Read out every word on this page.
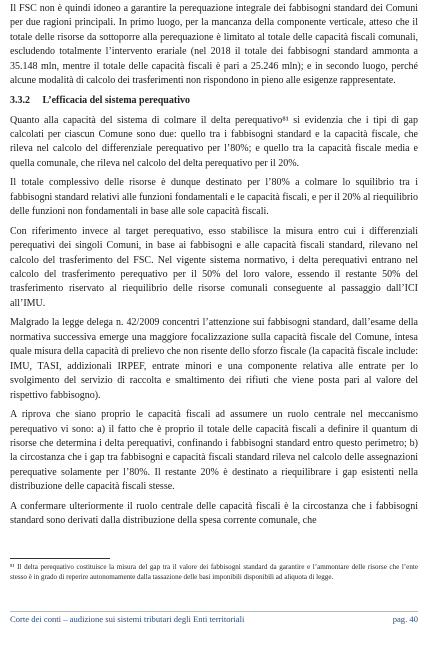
Il FSC non è quindi idoneo a garantire la perequazione integrale dei fabbisogni standard dei Comuni per due ragioni principali. In primo luogo, per la mancanza della componente verticale, atteso che il totale delle risorse da sottoporre alla perequazione è limitato al totale delle capacità fiscali comunali, escludendo totalmente l’intervento erariale (nel 2018 il totale dei fabbisogni standard ammonta a 35.148 mln, mentre il totale delle capacità fiscali è pari a 25.246 mln); e in secondo luogo, perché alcune modalità di calcolo dei trasferimenti non rispondono in pieno alle esigenze rappresentate.

3.3.2 L’efficacia del sistema perequativo

Quanto alla capacità del sistema di colmare il delta perequativo⁸¹ si evidenzia che i tipi di gap calcolati per ciascun Comune sono due: quello tra i fabbisogni standard e la capacità fiscale, che rileva nel calcolo del differenziale perequativo per l’80%; e quello tra la capacità fiscale media e quella comunale, che rileva nel calcolo del delta perequativo per il 20%.

Il totale complessivo delle risorse è dunque destinato per l’80% a colmare lo squilibrio tra i fabbisogni standard relativi alle funzioni fondamentali e le capacità fiscali, e per il 20% al riequilibrio delle funzioni non fondamentali in base alle sole capacità fiscali.

Con riferimento invece al target perequativo, esso stabilisce la misura entro cui i differenziali perequativi dei singoli Comuni, in base ai fabbisogni e alle capacità fiscali standard, rilevano nel calcolo del trasferimento del FSC. Nel vigente sistema normativo, i delta perequativi entrano nel calcolo del trasferimento perequativo per il 50% del loro valore, essendo il restante 50% del trasferimento riservato al riequilibrio delle risorse comunali conseguente al passaggio dall’ICI all’IMU.

Malgrado la legge delega n. 42/2009 concentri l’attenzione sui fabbisogni standard, dall’esame della normativa successiva emerge una maggiore focalizzazione sulla capacità fiscale del Comune, intesa quale misura della capacità di prelievo che non risente dello sforzo fiscale (la capacità fiscale include: IMU, TASI, addizionali IRPEF, entrate minori e una componente relativa alle entrate per lo svolgimento del servizio di raccolta e smaltimento dei rifiuti che viene posta pari al valore del rispettivo fabbisogno).

A riprova che siano proprio le capacità fiscali ad assumere un ruolo centrale nel meccanismo perequativo vi sono: a) il fatto che è proprio il totale delle capacità fiscali a definire il quantum di risorse che determina i delta perequativi, confinando i fabbisogni standard entro questo perimetro; b) la circostanza che i gap tra fabbisogni e capacità fiscali standard rileva nel calcolo delle assegnazioni perequative solamente per l’80%. Il restante 20% è destinato a riequilibrare i gap esistenti nella distribuzione delle capacità fiscali stesse.

A confermare ulteriormente il ruolo centrale delle capacità fiscali è la circostanza che i fabbisogni standard sono derivati dalla distribuzione della spesa corrente comunale, che

⁸¹ Il delta perequativo costituisce la misura del gap tra il valore dei fabbisogni standard da garantire e l’ammontare delle risorse che l’ente stesso è in grado di reperire autonomamente dalla tassazione delle basi imponibili disponibili ad aliquota di legge.
Corte dei conti – audizione sui sistemi tributari degli Enti territoriali	pag. 40
